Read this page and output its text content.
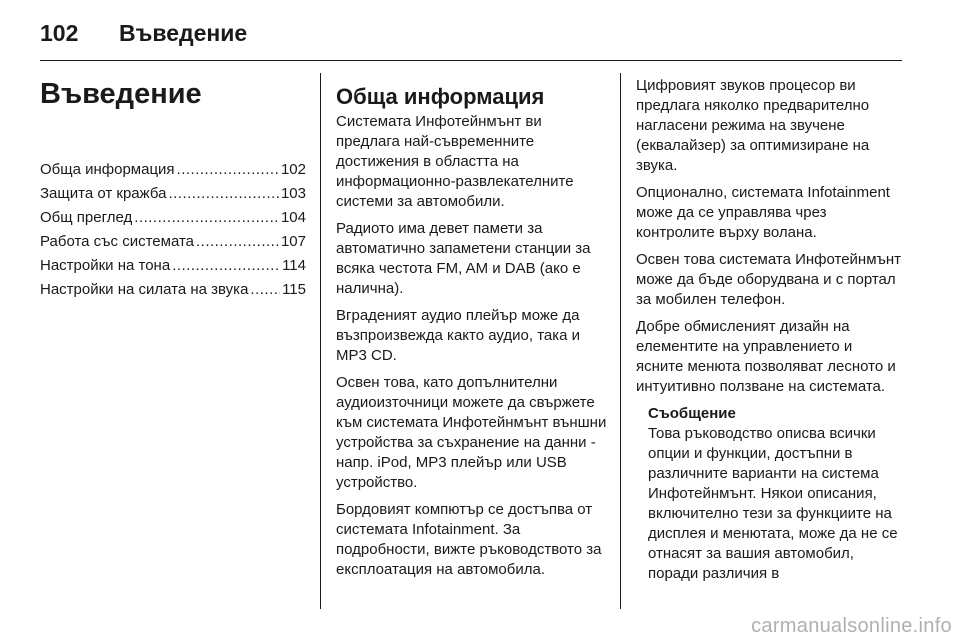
102 Въведение
Въведение
Обща информация .....	102
Защита от кражба .....	103
Общ преглед .....	104
Работа със системата .....	107
Настройки на тона .....	114
Настройки на силата на звука ..... 115
Обща информация

Системата Инфотейнмънт ви предлага най-съвременните достижения в областта на информационно-развлекателните системи за автомобили.

Радиото има девет памети за автоматично запаметени станции за всяка честота FM, AM и DAB (ако е налична).

Вграденият аудио плейър може да възпроизвежда както аудио, така и MP3 CD.

Освен това, като допълнителни аудиоизточници можете да свържете към системата Инфотейнмънт външни устройства за съхранение на данни - напр. iPod, MP3 плейър или USB устройство.

Бордовият компютър се достъпва от системата Infotainment. За подробности, вижте ръководството за експлоатация на автомобила.

Цифровият звуков процесор ви предлага няколко предварително нагласени режима на звучене (еквалайзер) за оптимизиране на звука.

Опционално, системата Infotainment може да се управлява чрез контролите върху волана.

Освен това системата Инфотейнмънт може да бъде оборудвана и с портал за мобилен телефон.

Добре обмисленият дизайн на елементите на управлението и ясните менюта позволяват лесното и интуитивно ползване на системата.

Съобщение
Това ръководство описва всички опции и функции, достъпни в различните варианти на система Инфотейнмънт. Някои описания, включително тези за функциите на дисплея и менютата, може да не се отнасят за вашия автомобил, поради различия в
carmanualsonline.info
